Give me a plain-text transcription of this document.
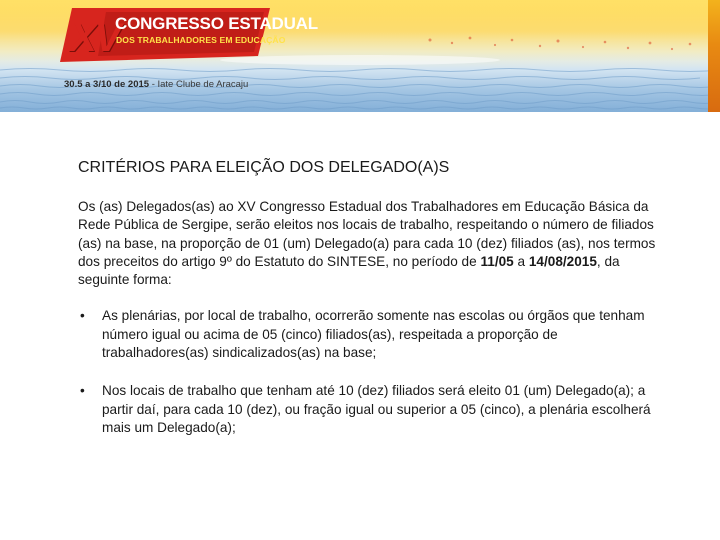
XV
CONGRESSO ESTADUAL
DOS TRABALHADORES EM EDUCAÇÃO
30.5 a 3/10 de 2015 - Iate Clube de Aracaju
CRITÉRIOS PARA ELEIÇÃO DOS DELEGADO(A)S

Os (as) Delegados(as) ao XV Congresso Estadual dos Trabalhadores em Educação Básica da Rede Pública de Sergipe, serão eleitos nos locais de trabalho, respeitando o número de filiados (as) na base, na proporção de 01 (um) Delegado(a) para cada 10 (dez) filiados (as), nos termos dos preceitos do artigo 9º do Estatuto do SINTESE, no período de 11/05 a 14/08/2015, da seguinte forma:

• As plenárias, por local de trabalho, ocorrerão somente nas escolas ou órgãos que tenham número igual ou acima de 05 (cinco) filiados(as), respeitada a proporção de trabalhadores(as) sindicalizados(as) na base;
• Nos locais de trabalho que tenham até 10 (dez) filiados será eleito 01 (um) Delegado(a); a partir daí, para cada 10 (dez), ou fração igual ou superior a 05 (cinco), a plenária escolherá mais um Delegado(a);
